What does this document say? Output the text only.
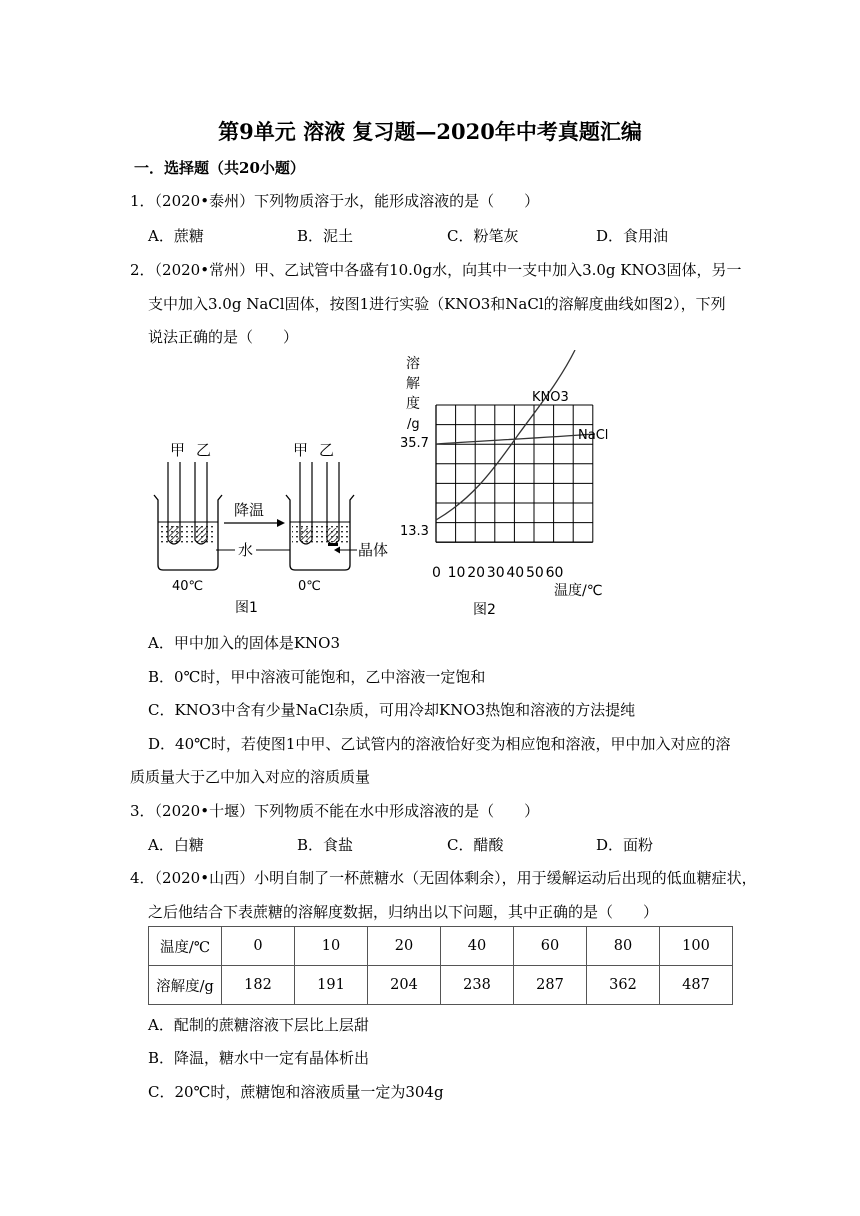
第9单元 溶液 复习题—2020年中考真题汇编
一．选择题（共20小题）
1．（2020•泰州）下列物质溶于水，能形成溶液的是（　　）
A．蔗糖	B．泥土	C．粉笔灰	D．食用油
2．（2020•常州）甲、乙试管中各盛有10.0g水，向其中一支中加入3.0g KNO3固体，另一
支中加入3.0g NaCl固体，按图1进行实验（KNO3和NaCl的溶解度曲线如图2），下列
说法正确的是（　　）
甲 乙
40℃
降温
水
甲 乙
晶体
0℃
图1
溶
解
度
/g
35.7
13.3
0 10 20 30 40 50 60
温度/℃
KNO3
NaCl
图2
A．甲中加入的固体是KNO3
B．0℃时，甲中溶液可能饱和，乙中溶液一定饱和
C．KNO3中含有少量NaCl杂质，可用冷却KNO3热饱和溶液的方法提纯
D．40℃时，若使图1中甲、乙试管内的溶液恰好变为相应饱和溶液，甲中加入对应的溶
质质量大于乙中加入对应的溶质质量
3．（2020•十堰）下列物质不能在水中形成溶液的是（　　）
A．白糖	B．食盐	C．醋酸	D．面粉
4．（2020•山西）小明自制了一杯蔗糖水（无固体剩余），用于缓解运动后出现的低血糖症状，
之后他结合下表蔗糖的溶解度数据，归纳出以下问题，其中正确的是（　　）
温度/℃	0	10	20	40	60	80	100
溶解度/g	182	191	204	238	287	362	487
A．配制的蔗糖溶液下层比上层甜
B．降温，糖水中一定有晶体析出
C．20℃时，蔗糖饱和溶液质量一定为304g
